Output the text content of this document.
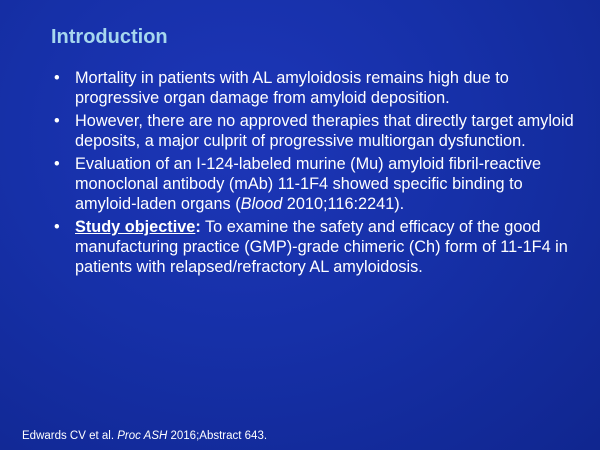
Introduction
• Mortality in patients with AL amyloidosis remains high due to progressive organ damage from amyloid deposition.
• However, there are no approved therapies that directly target amyloid deposits, a major culprit of progressive multiorgan dysfunction.
• Evaluation of an I-124-labeled murine (Mu) amyloid fibril-reactive monoclonal antibody (mAb) 11-1F4 showed specific binding to amyloid-laden organs (Blood 2010;116:2241).
• Study objective: To examine the safety and efficacy of the good manufacturing practice (GMP)-grade chimeric (Ch) form of 11-1F4 in patients with relapsed/refractory AL amyloidosis.
Edwards CV et al. Proc ASH 2016;Abstract 643.
